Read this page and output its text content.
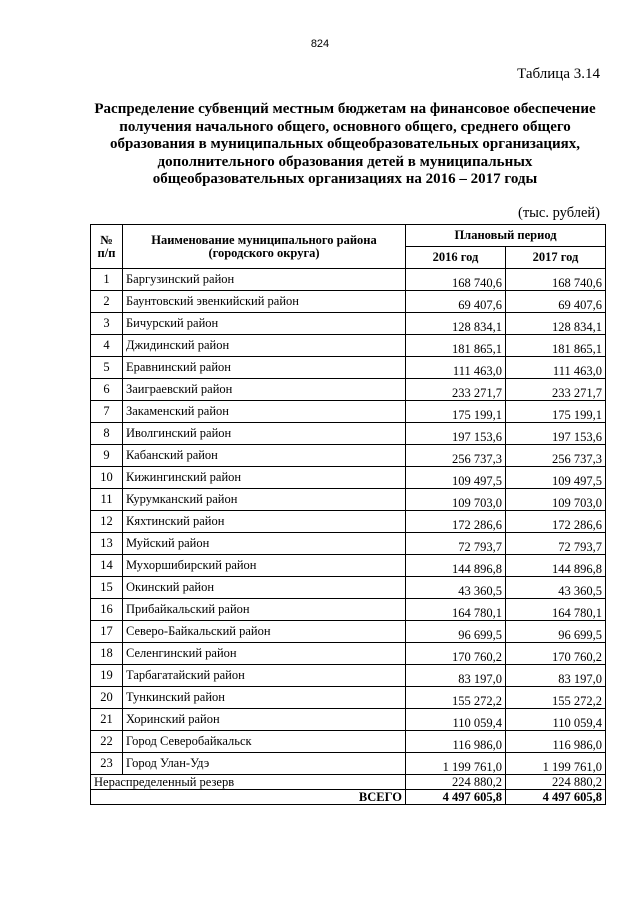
824
Таблица 3.14
Распределение субвенций местным бюджетам на финансовое обеспечение получения начального общего, основного общего, среднего общего образования в муниципальных общеобразовательных организациях, дополнительного образования детей в муниципальных общеобразовательных организациях на 2016 – 2017 годы
(тыс. рублей)
№ п/п	Наименование муниципального района (городского округа)	Плановый период	
		2016 год	2017 год
1	Баргузинский район	168 740,6	168 740,6
2	Баунтовский эвенкийский район	69 407,6	69 407,6
3	Бичурский район	128 834,1	128 834,1
4	Джидинский район	181 865,1	181 865,1
5	Еравнинский район	111 463,0	111 463,0
6	Заиграевский район	233 271,7	233 271,7
7	Закаменский район	175 199,1	175 199,1
8	Иволгинский район	197 153,6	197 153,6
9	Кабанский район	256 737,3	256 737,3
10	Кижингинский район	109 497,5	109 497,5
11	Курумканский район	109 703,0	109 703,0
12	Кяхтинский район	172 286,6	172 286,6
13	Муйский район	72 793,7	72 793,7
14	Мухоршибирский район	144 896,8	144 896,8
15	Окинский район	43 360,5	43 360,5
16	Прибайкальский район	164 780,1	164 780,1
17	Северо-Байкальский район	96 699,5	96 699,5
18	Селенгинский район	170 760,2	170 760,2
19	Тарбагатайский район	83 197,0	83 197,0
20	Тункинский район	155 272,2	155 272,2
21	Хоринский район	110 059,4	110 059,4
22	Город Северобайкальск	116 986,0	116 986,0
23	Город Улан-Удэ	1 199 761,0	1 199 761,0
Нераспределенный резерв		224 880,2	224 880,2
ВСЕГО		4 497 605,8	4 497 605,8
